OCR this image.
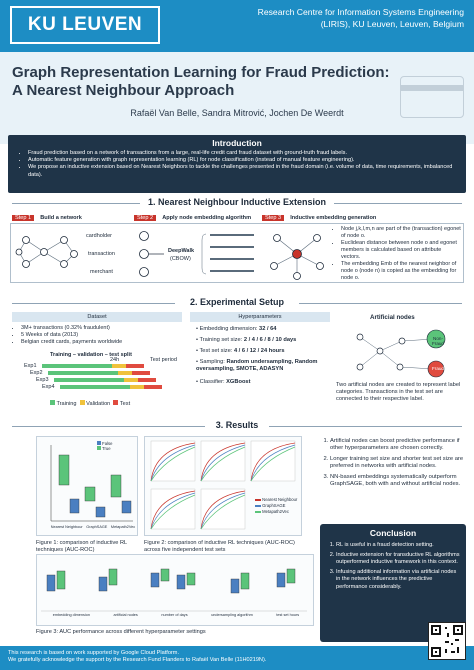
KU LEUVEN
Research Centre for Information Systems Engineering
(LIRIS), KU Leuven, Leuven, Belgium
Graph Representation Learning for Fraud Prediction:
A Nearest Neighbour Approach
Rafaël Van Belle, Sandra Mitrović, Jochen De Weerdt
Introduction
• Fraud prediction based on a network of transactions from a large, real-life credit card fraud dataset with ground-truth fraud labels.
• Automatic feature generation with graph representation learning (RL) for node classification (instead of manual feature engineering).
• We propose an inductive extension based on Nearest Neighbors to tackle the challenges presented in the fraud domain (i.e. volume of data, time requirements, imbalanced data).
1. Nearest Neighbour Inductive Extension
Step 1 Build a network	Step 2 Apply node embedding algorithm	Step 3 Inductive embedding generation
cardholder
transaction
merchant
DeepWalk
(CBOW)
• Node j,k,l,m,n are part of the (transaction) egonet of node o.
• Euclidean distance between node o and egonet members is calculated based on attribute vectors.
• The embedding Emb of the nearest neighbor of node o (node n) is copied as the embedding for node o.
2. Experimental Setup
Dataset
• 3M+ transactions (0.32% fraudulent)
• 5 Weeks of data (2013)
• Belgian credit cards, payments worldwide
Training – validation – test split
Exp1
Exp2
Exp3
Exp4
Test period
24h
Training Validation Test
Hyperparameters
• Embedding dimension: 32 / 64
• Training set size: 2 / 4 / 6 / 8 / 10 days
• Test set size: 4 / 6 / 12 / 24 hours
• Sampling: Random undersampling, Random oversampling, SMOTE, ADASYN
• Classifier: XGBoost
Artificial nodes
Non-Fraud
Fraud
Two artificial nodes are created to represent label categories. Transactions in the test set are connected to their respective label.
3. Results
False
True
Nearest Neighbour GraphSAGE Metapath2Vec
Figure 1: comparison of inductive RL techniques (AUC-ROC)
Nearest Neighbour
GraphSAGE
Metapath2Vec
Figure 2: comparison of inductive RL techniques (AUC-ROC) across five independent test sets
1. Artificial nodes can boost predictive performance if other hyperparameters are chosen correctly.
2. Longer training set size and shorter test set size are preferred in networks with artificial nodes.
3. NN-based embeddings systematically outperform GraphSAGE, both with and without artificial nodes.
embedding dimension	artificial nodes	number of days	undersampling algorithm	test set hours
Figure 3: AUC performance across different hyperparameter settings
Conclusion
1. RL is useful in a fraud detection setting.
2. Inductive extension for transductive RL algorithms outperformed inductive framework in this context.
3. Infusing additional information via artificial nodes in the network influences the predictive performance considerably.
This research is based on work supported by Google Cloud Platform.
We gratefully acknowledge the support by the Research Fund Flanders to Rafaël Van Belle (11H0219N).
